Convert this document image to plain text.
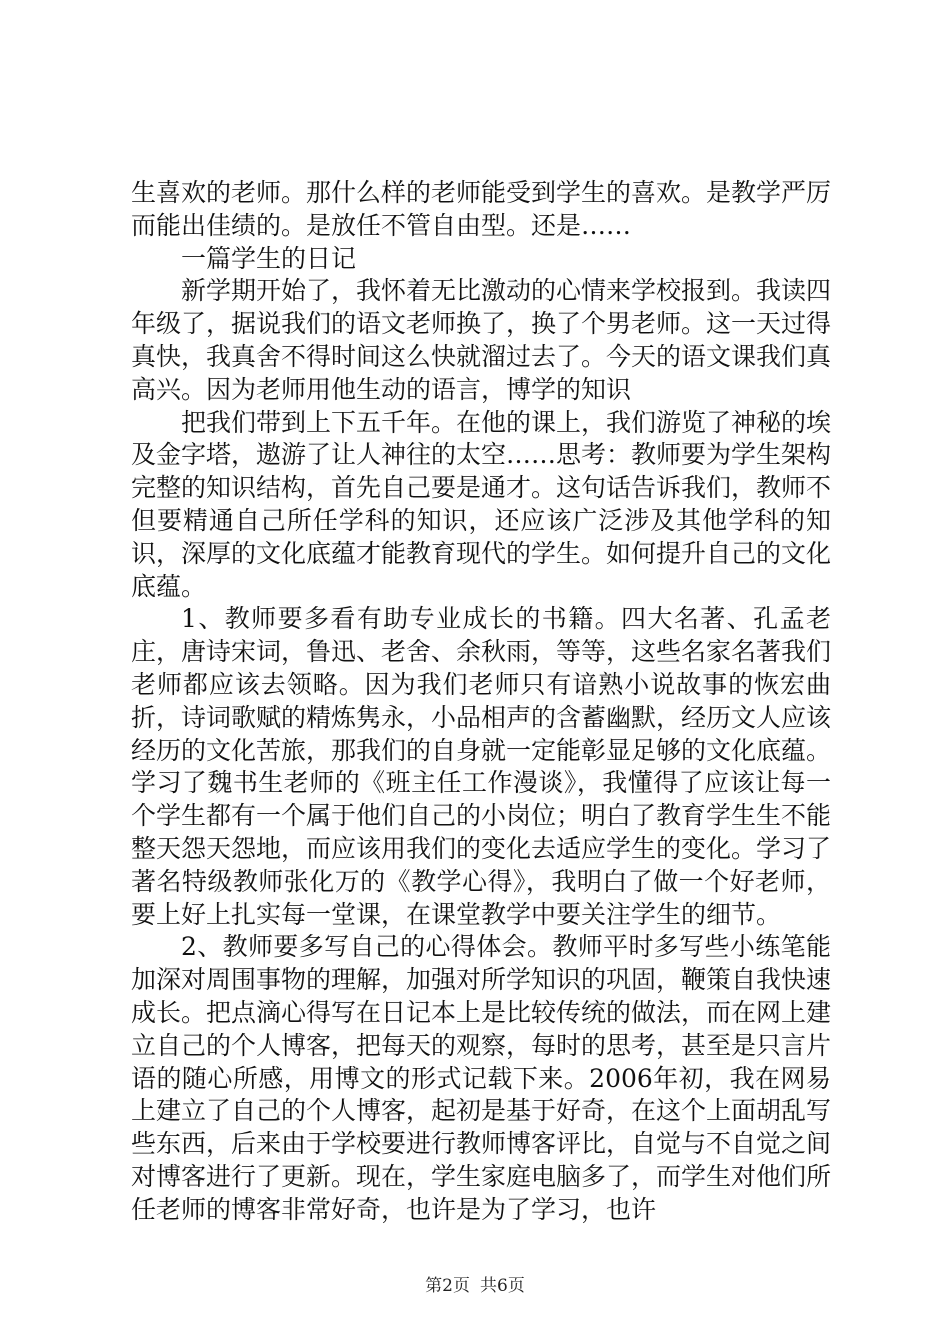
生喜欢的老师。那什么样的老师能受到学生的喜欢。是教学严厉而能出佳绩的。是放任不管自由型。还是……

一篇学生的日记

新学期开始了，我怀着无比激动的心情来学校报到。我读四年级了，据说我们的语文老师换了，换了个男老师。这一天过得真快，我真舍不得时间这么快就溜过去了。今天的语文课我们真高兴。因为老师用他生动的语言，博学的知识

把我们带到上下五千年。在他的课上，我们游览了神秘的埃及金字塔，遨游了让人神往的太空……思考：教师要为学生架构完整的知识结构，首先自己要是通才。这句话告诉我们，教师不但要精通自己所任学科的知识，还应该广泛涉及其他学科的知识，深厚的文化底蕴才能教育现代的学生。如何提升自己的文化底蕴。

1、教师要多看有助专业成长的书籍。四大名著、孔孟老庄，唐诗宋词，鲁迅、老舍、余秋雨，等等，这些名家名著我们老师都应该去领略。因为我们老师只有谙熟小说故事的恢宏曲折，诗词歌赋的精炼隽永，小品相声的含蓄幽默，经历文人应该经历的文化苦旅，那我们的自身就一定能彰显足够的文化底蕴。学习了魏书生老师的《班主任工作漫谈》，我懂得了应该让每一个学生都有一个属于他们自己的小岗位；明白了教育学生生不能整天怨天怨地，而应该用我们的变化去适应学生的变化。学习了著名特级教师张化万的《教学心得》，我明白了做一个好老师，要上好上扎实每一堂课，在课堂教学中要关注学生的细节。

2、教师要多写自己的心得体会。教师平时多写些小练笔能加深对周围事物的理解，加强对所学知识的巩固，鞭策自我快速成长。把点滴心得写在日记本上是比较传统的做法，而在网上建立自己的个人博客，把每天的观察，每时的思考，甚至是只言片语的随心所感，用博文的形式记载下来。2006年初，我在网易上建立了自己的个人博客，起初是基于好奇，在这个上面胡乱写些东西，后来由于学校要进行教师博客评比，自觉与不自觉之间对博客进行了更新。现在，学生家庭电脑多了，而学生对他们所任老师的博客非常好奇，也许是为了学习，也许

第2页 共6页
